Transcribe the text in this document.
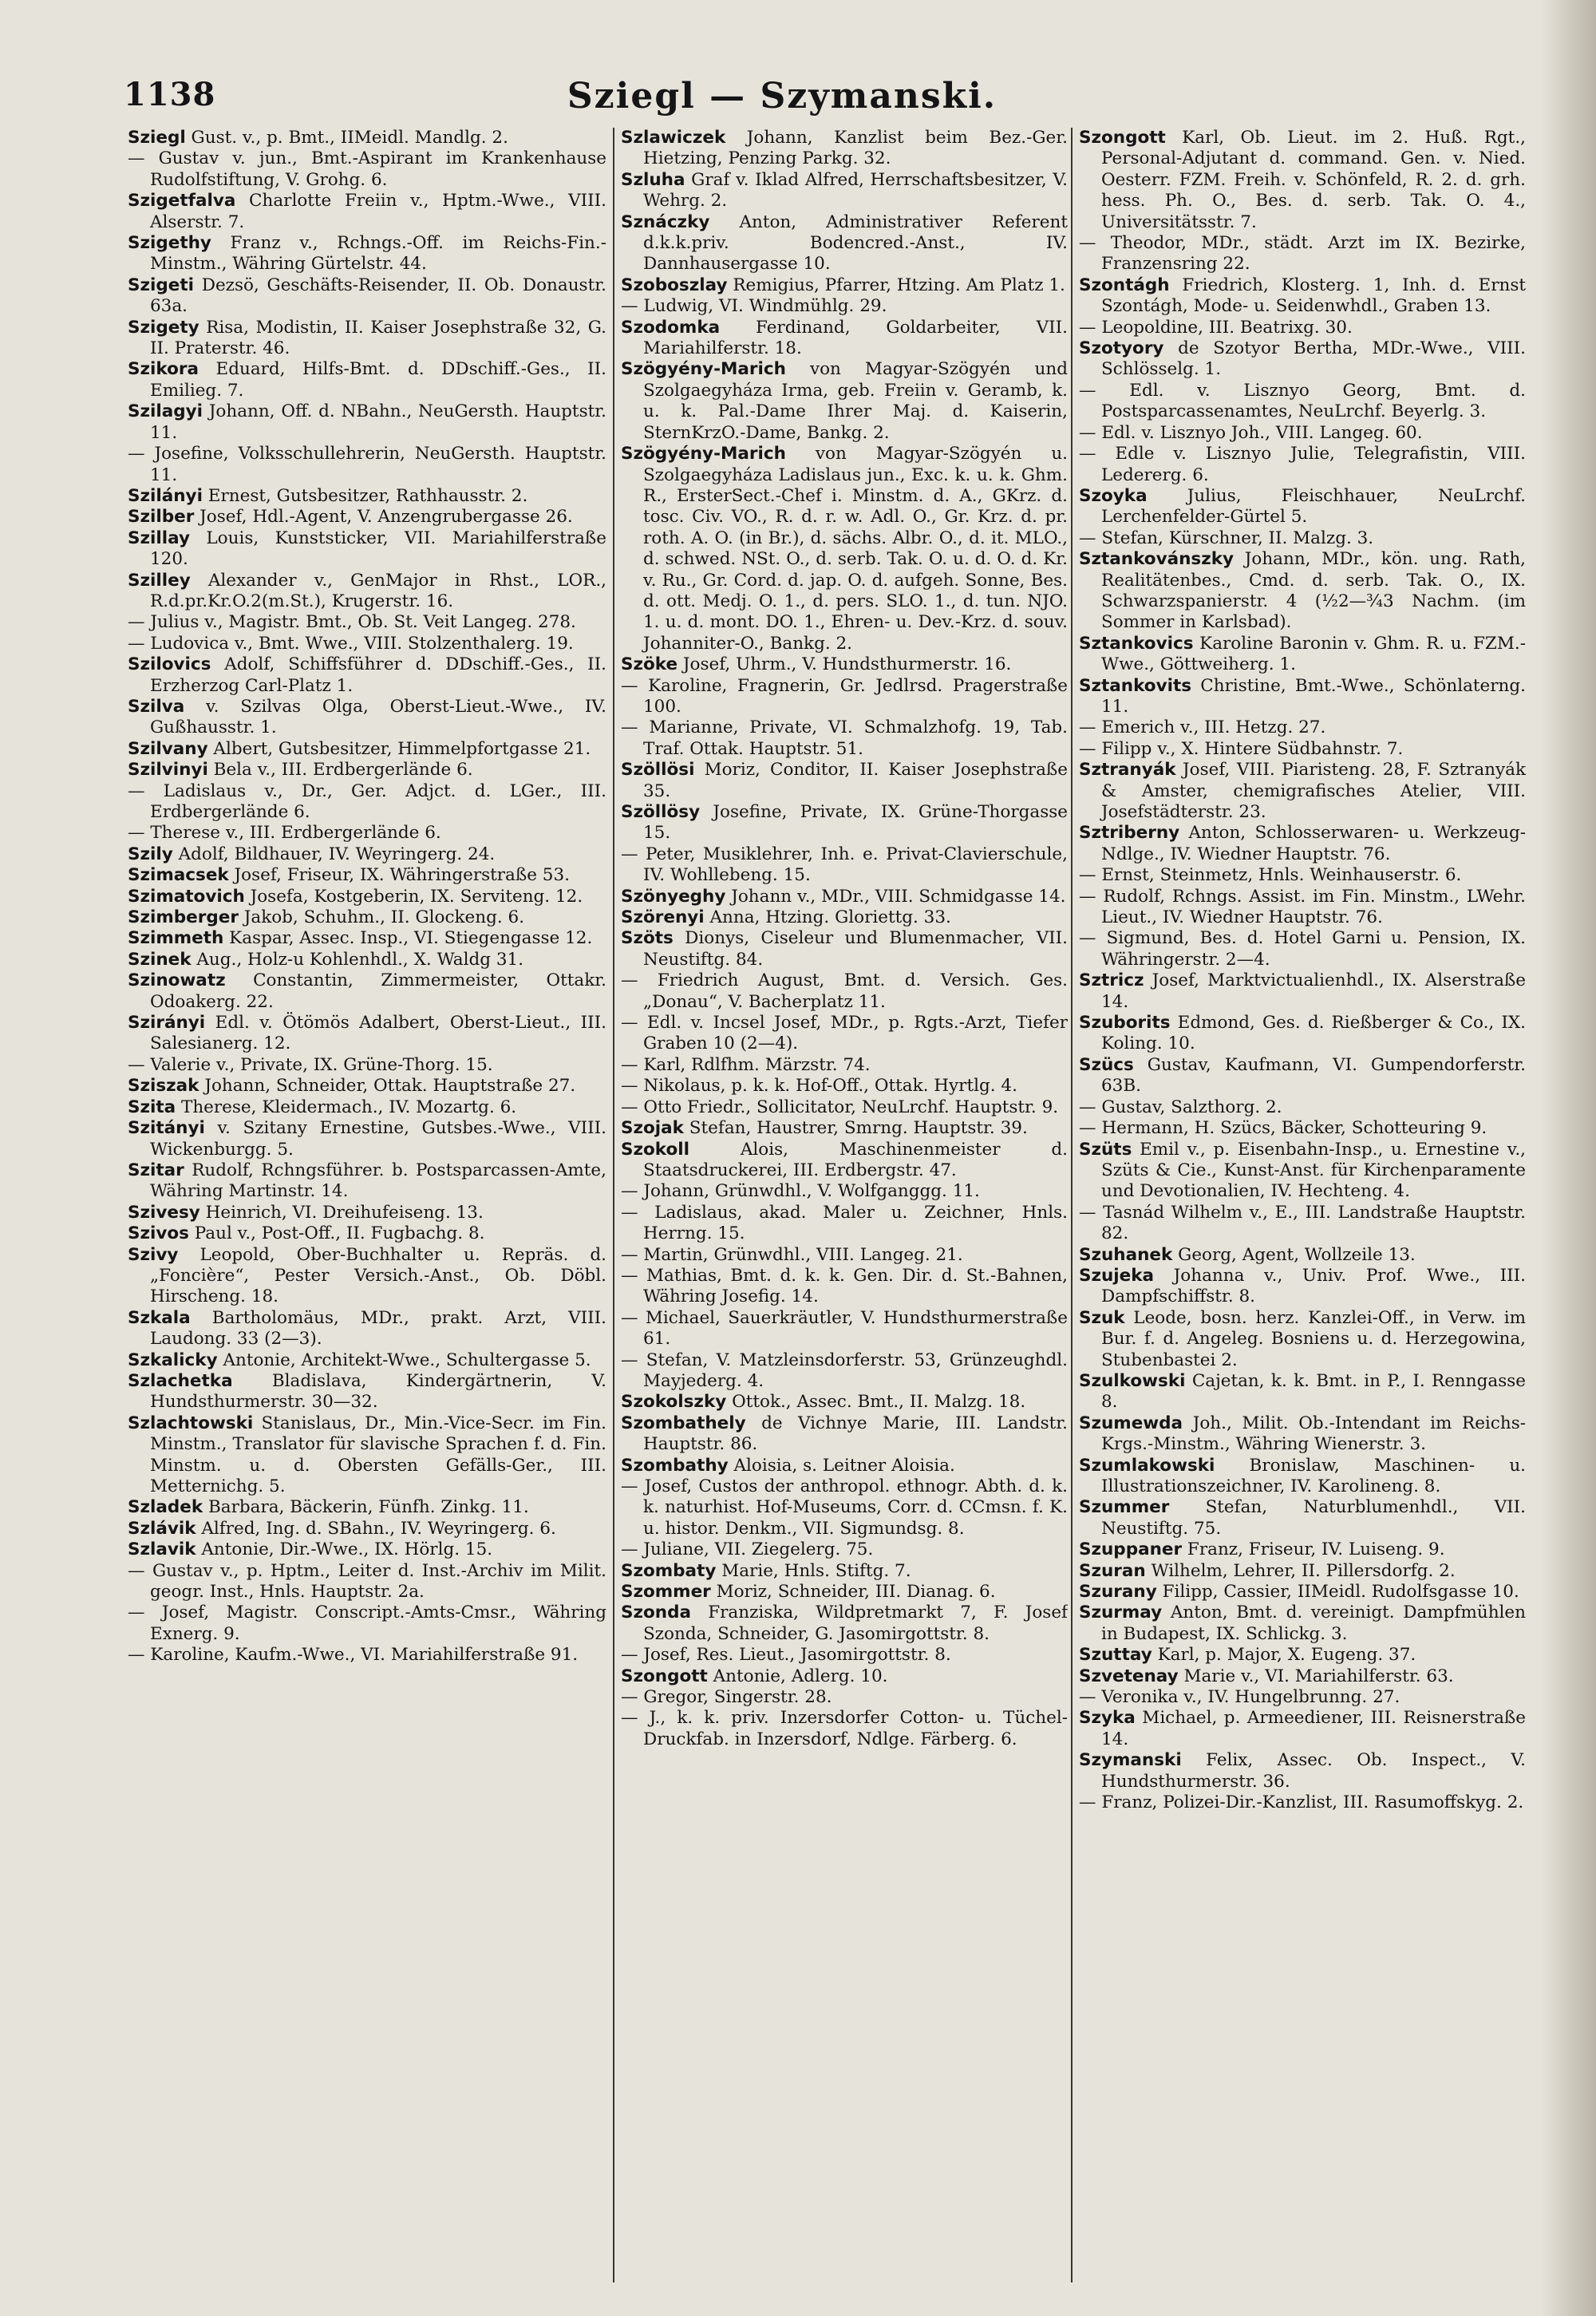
1138	Sziegl — Szymanski.

Sziegl Gust. v., p. Bmt., IIMeidl. Mandlg. 2.

— Gustav v. jun., Bmt.-Aspirant im Krankenhause Rudolfstiftung, V. Grohg. 6.

Szigetfalva Charlotte Freiin v., Hptm.-Wwe., VIII. Alserstr. 7.

Szigethy Franz v., Rchngs.-Off. im Reichs-Fin.-Minstm., Währing Gürtelstr. 44.

Szigeti Dezsö, Geschäfts-Reisender, II. Ob. Donaustr. 63a.

Szigety Risa, Modistin, II. Kaiser Josephstraße 32, G. II. Praterstr. 46.

Szikora Eduard, Hilfs-Bmt. d. DDschiff.-Ges., II. Emilieg. 7.

Szilagyi Johann, Off. d. NBahn., NeuGersth. Hauptstr. 11.

— Josefine, Volksschullehrerin, NeuGersth. Hauptstr. 11.

Szilányi Ernest, Gutsbesitzer, Rathhausstr. 2.

Szilber Josef, Hdl.-Agent, V. Anzengrubergasse 26.

Szillay Louis, Kunststicker, VII. Mariahilferstraße 120.

Szilley Alexander v., GenMajor in Rhst., LOR., R.d.pr.Kr.O.2(m.St.), Krugerstr. 16.

— Julius v., Magistr. Bmt., Ob. St. Veit Langeg. 278.

— Ludovica v., Bmt. Wwe., VIII. Stolzenthalerg. 19.

Szilovics Adolf, Schiffsführer d. DDschiff.-Ges., II. Erzherzog Carl-Platz 1.

Szilva v. Szilvas Olga, Oberst-Lieut.-Wwe., IV. Gußhausstr. 1.

Szilvany Albert, Gutsbesitzer, Himmelpfortgasse 21.

Szilvinyi Bela v., III. Erdbergerlände 6.

— Ladislaus v., Dr., Ger. Adjct. d. LGer., III. Erdbergerlände 6.

— Therese v., III. Erdbergerlände 6.

Szily Adolf, Bildhauer, IV. Weyringerg. 24.

Szimacsek Josef, Friseur, IX. Währingerstraße 53.

Szimatovich Josefa, Kostgeberin, IX. Serviteng. 12.

Szimberger Jakob, Schuhm., II. Glockeng. 6.

Szimmeth Kaspar, Assec. Insp., VI. Stiegengasse 12.

Szinek Aug., Holz-u Kohlenhdl., X. Waldg 31.

Szinowatz Constantin, Zimmermeister, Ottakr. Odoakerg. 22.

Szirányi Edl. v. Ötömös Adalbert, Oberst-Lieut., III. Salesianerg. 12.

— Valerie v., Private, IX. Grüne-Thorg. 15.

Sziszak Johann, Schneider, Ottak. Hauptstraße 27.

Szita Therese, Kleidermach., IV. Mozartg. 6.

Szitányi v. Szitany Ernestine, Gutsbes.-Wwe., VIII. Wickenburgg. 5.

Szitar Rudolf, Rchngsführer. b. Postsparcassen-Amte, Währing Martinstr. 14.

Szivesy Heinrich, VI. Dreihufeiseng. 13.

Szivos Paul v., Post-Off., II. Fugbachg. 8.

Szivy Leopold, Ober-Buchhalter u. Repräs. d. „Foncière“, Pester Versich.-Anst., Ob. Döbl. Hirscheng. 18.

Szkala Bartholomäus, MDr., prakt. Arzt, VIII. Laudong. 33 (2—3).

Szkalicky Antonie, Architekt-Wwe., Schultergasse 5.

Szlachetka Bladislava, Kindergärtnerin, V. Hundsthurmerstr. 30—32.

Szlachtowski Stanislaus, Dr., Min.-Vice-Secr. im Fin. Minstm., Translator für slavische Sprachen f. d. Fin. Minstm. u. d. Obersten Gefälls-Ger., III. Metternichg. 5.

Szladek Barbara, Bäckerin, Fünfh. Zinkg. 11.

Szlávik Alfred, Ing. d. SBahn., IV. Weyringerg. 6.

Szlavik Antonie, Dir.-Wwe., IX. Hörlg. 15.

— Gustav v., p. Hptm., Leiter d. Inst.-Archiv im Milit. geogr. Inst., Hnls. Hauptstr. 2a.

— Josef, Magistr. Conscript.-Amts-Cmsr., Währing Exnerg. 9.

— Karoline, Kaufm.-Wwe., VI. Mariahilferstraße 91.

Szlawiczek Johann, Kanzlist beim Bez.-Ger. Hietzing, Penzing Parkg. 32.

Szluha Graf v. Iklad Alfred, Herrschaftsbesitzer, V. Wehrg. 2.

Sznáczky Anton, Administrativer Referent d.k.k.priv. Bodencred.-Anst., IV. Dannhausergasse 10.

Szoboszlay Remigius, Pfarrer, Htzing. Am Platz 1.

— Ludwig, VI. Windmühlg. 29.

Szodomka Ferdinand, Goldarbeiter, VII. Mariahilferstr. 18.

Szögyény-Marich von Magyar-Szögyén und Szolgaegyháza Irma, geb. Freiin v. Geramb, k. u. k. Pal.-Dame Ihrer Maj. d. Kaiserin, SternKrzO.-Dame, Bankg. 2.

Szögyény-Marich von Magyar-Szögyén u. Szolgaegyháza Ladislaus jun., Exc. k. u. k. Ghm. R., ErsterSect.-Chef i. Minstm. d. A., GKrz. d. tosc. Civ. VO., R. d. r. w. Adl. O., Gr. Krz. d. pr. roth. A. O. (in Br.), d. sächs. Albr. O., d. it. MLO., d. schwed. NSt. O., d. serb. Tak. O. u. d. O. d. Kr. v. Ru., Gr. Cord. d. jap. O. d. aufgeh. Sonne, Bes. d. ott. Medj. O. 1., d. pers. SLO. 1., d. tun. NJO. 1. u. d. mont. DO. 1., Ehren- u. Dev.-Krz. d. souv. Johanniter-O., Bankg. 2.

Szöke Josef, Uhrm., V. Hundsthurmerstr. 16.

— Karoline, Fragnerin, Gr. Jedlrsd. Pragerstraße 100.

— Marianne, Private, VI. Schmalzhofg. 19, Tab. Traf. Ottak. Hauptstr. 51.

Szöllösi Moriz, Conditor, II. Kaiser Josephstraße 35.

Szöllösy Josefine, Private, IX. Grüne-Thorgasse 15.

— Peter, Musiklehrer, Inh. e. Privat-Clavierschule, IV. Wohllebeng. 15.

Szönyeghy Johann v., MDr., VIII. Schmidgasse 14.

Szörenyi Anna, Htzing. Gloriettg. 33.

Szöts Dionys, Ciseleur und Blumenmacher, VII. Neustiftg. 84.

— Friedrich August, Bmt. d. Versich. Ges. „Donau“, V. Bacherplatz 11.

— Edl. v. Incsel Josef, MDr., p. Rgts.-Arzt, Tiefer Graben 10 (2—4).

— Karl, Rdlfhm. Märzstr. 74.

— Nikolaus, p. k. k. Hof-Off., Ottak. Hyrtlg. 4.

— Otto Friedr., Sollicitator, NeuLrchf. Hauptstr. 9.

Szojak Stefan, Haustrer, Smrng. Hauptstr. 39.

Szokoll Alois, Maschinenmeister d. Staatsdruckerei, III. Erdbergstr. 47.

— Johann, Grünwdhl., V. Wolfganggg. 11.

— Ladislaus, akad. Maler u. Zeichner, Hnls. Herrng. 15.

— Martin, Grünwdhl., VIII. Langeg. 21.

— Mathias, Bmt. d. k. k. Gen. Dir. d. St.-Bahnen, Währing Josefig. 14.

— Michael, Sauerkräutler, V. Hundsthurmerstraße 61.

— Stefan, V. Matzleinsdorferstr. 53, Grünzeughdl. Mayjederg. 4.

Szokolszky Ottok., Assec. Bmt., II. Malzg. 18.

Szombathely de Vichnye Marie, III. Landstr. Hauptstr. 86.

Szombathy Aloisia, s. Leitner Aloisia.

— Josef, Custos der anthropol. ethnogr. Abth. d. k. k. naturhist. Hof-Museums, Corr. d. CCmsn. f. K. u. histor. Denkm., VII. Sigmundsg. 8.

— Juliane, VII. Ziegelerg. 75.

Szombaty Marie, Hnls. Stiftg. 7.

Szommer Moriz, Schneider, III. Dianag. 6.

Szonda Franziska, Wildpretmarkt 7, F. Josef Szonda, Schneider, G. Jasomirgottstr. 8.

— Josef, Res. Lieut., Jasomirgottstr. 8.

Szongott Antonie, Adlerg. 10.

— Gregor, Singerstr. 28.

— J., k. k. priv. Inzersdorfer Cotton- u. Tüchel-Druckfab. in Inzersdorf, Ndlge. Färberg. 6.

Szongott Karl, Ob. Lieut. im 2. Huß. Rgt., Personal-Adjutant d. command. Gen. v. Nied. Oesterr. FZM. Freih. v. Schönfeld, R. 2. d. grh. hess. Ph. O., Bes. d. serb. Tak. O. 4., Universitätsstr. 7.

— Theodor, MDr., städt. Arzt im IX. Bezirke, Franzensring 22.

Szontágh Friedrich, Klosterg. 1, Inh. d. Ernst Szontágh, Mode- u. Seidenwhdl., Graben 13.

— Leopoldine, III. Beatrixg. 30.

Szotyory de Szotyor Bertha, MDr.-Wwe., VIII. Schlösselg. 1.

— Edl. v. Lisznyo Georg, Bmt. d. Postsparcassenamtes, NeuLrchf. Beyerlg. 3.

— Edl. v. Lisznyo Joh., VIII. Langeg. 60.

— Edle v. Lisznyo Julie, Telegrafistin, VIII. Ledererg. 6.

Szoyka Julius, Fleischhauer, NeuLrchf. Lerchenfelder-Gürtel 5.

— Stefan, Kürschner, II. Malzg. 3.

Sztankovánszky Johann, MDr., kön. ung. Rath, Realitätenbes., Cmd. d. serb. Tak. O., IX. Schwarzspanierstr. 4 (½2—¾3 Nachm. (im Sommer in Karlsbad).

Sztankovics Karoline Baronin v. Ghm. R. u. FZM.-Wwe., Göttweiherg. 1.

Sztankovits Christine, Bmt.-Wwe., Schönlaterng. 11.

— Emerich v., III. Hetzg. 27.

— Filipp v., X. Hintere Südbahnstr. 7.

Sztranyák Josef, VIII. Piaristeng. 28, F. Sztranyák & Amster, chemigrafisches Atelier, VIII. Josefstädterstr. 23.

Sztriberny Anton, Schlosserwaren- u. Werkzeug-Ndlge., IV. Wiedner Hauptstr. 76.

— Ernst, Steinmetz, Hnls. Weinhauserstr. 6.

— Rudolf, Rchngs. Assist. im Fin. Minstm., LWehr. Lieut., IV. Wiedner Hauptstr. 76.

— Sigmund, Bes. d. Hotel Garni u. Pension, IX. Währingerstr. 2—4.

Sztricz Josef, Marktvictualienhdl., IX. Alserstraße 14.

Szuborits Edmond, Ges. d. Rießberger & Co., IX. Koling. 10.

Szücs Gustav, Kaufmann, VI. Gumpendorferstr. 63B.

— Gustav, Salzthorg. 2.

— Hermann, H. Szücs, Bäcker, Schotteuring 9.

Szüts Emil v., p. Eisenbahn-Insp., u. Ernestine v., Szüts & Cie., Kunst-Anst. für Kirchenparamente und Devotionalien, IV. Hechteng. 4.

— Tasnád Wilhelm v., E., III. Landstraße Hauptstr. 82.

Szuhanek Georg, Agent, Wollzeile 13.

Szujeka Johanna v., Univ. Prof. Wwe., III. Dampfschiffstr. 8.

Szuk Leode, bosn. herz. Kanzlei-Off., in Verw. im Bur. f. d. Angeleg. Bosniens u. d. Herzegowina, Stubenbastei 2.

Szulkowski Cajetan, k. k. Bmt. in P., I. Renngasse 8.

Szumewda Joh., Milit. Ob.-Intendant im Reichs-Krgs.-Minstm., Währing Wienerstr. 3.

Szumlakowski Bronislaw, Maschinen- u. Illustrationszeichner, IV. Karolineng. 8.

Szummer Stefan, Naturblumenhdl., VII. Neustiftg. 75.

Szuppaner Franz, Friseur, IV. Luiseng. 9.

Szuran Wilhelm, Lehrer, II. Pillersdorfg. 2.

Szurany Filipp, Cassier, IIMeidl. Rudolfsgasse 10.

Szurmay Anton, Bmt. d. vereinigt. Dampfmühlen in Budapest, IX. Schlickg. 3.

Szuttay Karl, p. Major, X. Eugeng. 37.

Szvetenay Marie v., VI. Mariahilferstr. 63.

— Veronika v., IV. Hungelbrunng. 27.

Szyka Michael, p. Armeediener, III. Reisnerstraße 14.

Szymanski Felix, Assec. Ob. Inspect., V. Hundsthurmerstr. 36.

— Franz, Polizei-Dir.-Kanzlist, III. Rasumoffskyg. 2.
